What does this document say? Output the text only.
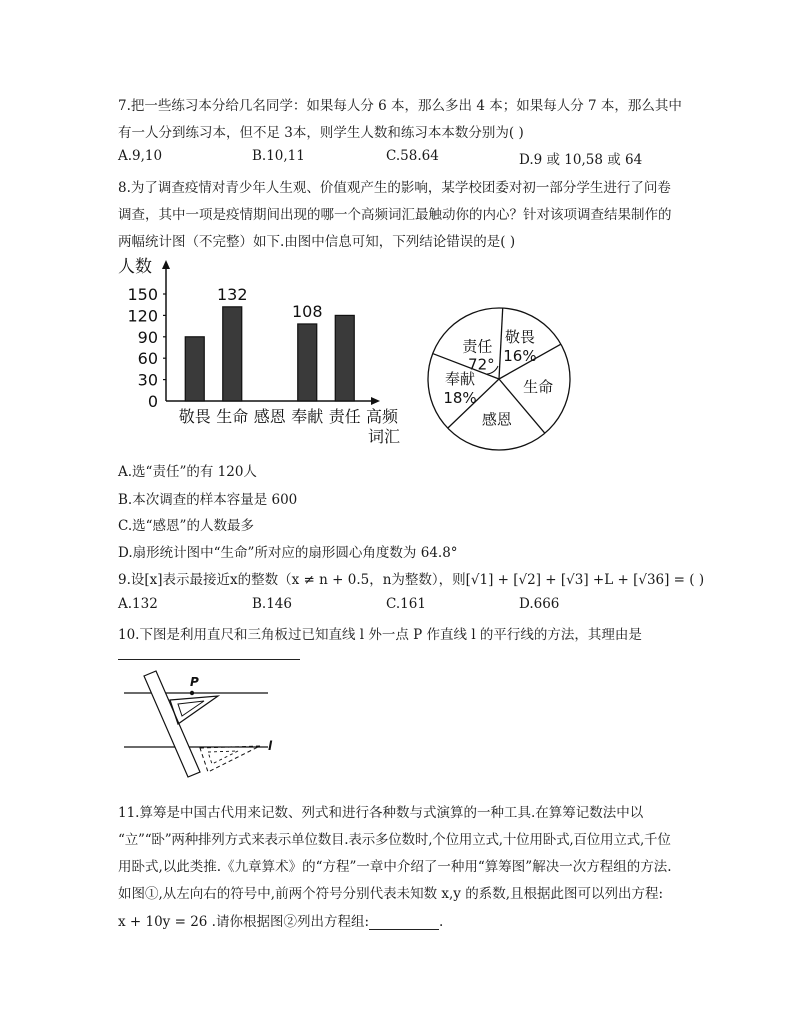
7.把一些练习本分给几名同学：如果每人分 6 本，那么多出 4 本；如果每人分 7 本，那么其中
有一人分到练习本，但不足 3本，则学生人数和练习本本数分别为( )
A.9,10	B.10,11	C.58.64	D.9 或 10,58 或 64
8.为了调查疫情对青少年人生观、价值观产生的影响，某学校团委对初一部分学生进行了问卷
调查，其中一项是疫情期间出现的哪一个高频词汇最触动你的内心？针对该项调查结果制作的
两幅统计图（不完整）如下.由图中信息可知，下列结论错误的是( )
人数
0
30
60
90
120
150
敬畏
132
生命 感恩
108
奉献 责任 高频 词汇
敬畏
16%
生命
感恩
奉献
18%
责任
72°
A.选“责任”的有 120人
B.本次调查的样本容量是 600
C.选“感恩”的人数最多
D.扇形统计图中“生命”所对应的扇形圆心角度数为 64.8°
9.设[x]表示最接近x的整数（x ≠ n + 0.5，n为整数），则[√1] + [√2] + [√3] +L + [√36] = ( )
A.132	B.146	C.161	D.666
10.下图是利用直尺和三角板过已知直线 l 外一点 P 作直线 l 的平行线的方法，其理由是
P
l
11.算筹是中国古代用来记数、列式和进行各种数与式演算的一种工具.在算筹记数法中以
“立”“卧”两种排列方式来表示单位数目.表示多位数时,个位用立式,十位用卧式,百位用立式,千位
用卧式,以此类推.《九章算术》的“方程”一章中介绍了一种用“算筹图”解决一次方程组的方法.
如图①,从左向右的符号中,前两个符号分别代表未知数 x,y 的系数,且根据此图可以列出方程:
x + 10y = 26 .请你根据图②列出方程组:	.
